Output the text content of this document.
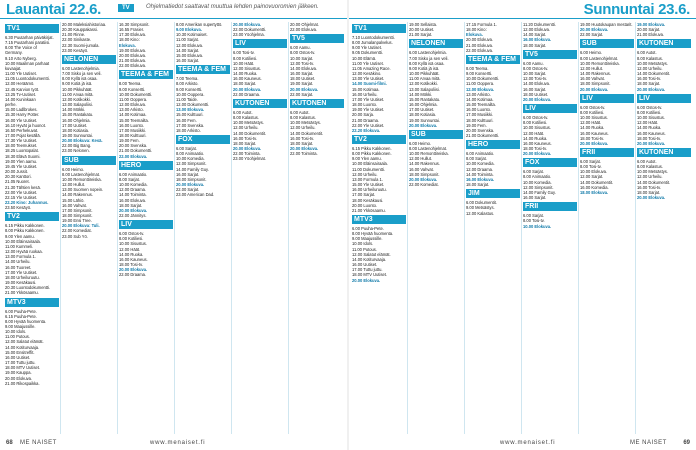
Lauantai 22.6.	TV	Ohjelmatiedot saattavat muuttua lehden painovuoromien jälkeen.	Sunnuntai 23.6.
TV1
6.30 Puutarhan päiväkirjat.
7.15 Puutarhani paratiisi.
8.00 The Voice of
Germany.
9.10 Arto Nyberg.
10.00 Maailman parhaat
kuvaajat.
11.00 Yle Uutiset.
11.05 Luontodokumentti.
12.00 Heräämö.
12.45 Karvion työt.
13.25 Tv-Uutiset.
14.00 Kuninkaan
perhe.
15.00 Ladlbrokes.
15.30 Harry Potter.
16.00 Yle Uutiset.
16.10 Hyvät ja huonot.
16.50 Perhekuvat.
17.00 Pojat kesällä.
17.30 Yle Uutiset.
18.00 Teemukset.
18.25 Luontopalat.
18.30 Elävä Suomi.
19.00 Ylen aamu.
19.45 Yle Uutiset.
20.00 Jussit.
20.30 Kanttori.
21.05 Nuoret.
21.30 Tähtien kesä.
22.00 Yle Uutiset.
22.15 Yle Uutiset.
22.20 Kino: Juhannus.
23.50 Kesäyö.
TV2
6.15 Pikku Kakkonen.
8.00 Pikku Kakkonen.
9.00 Ylen aamu.
10.00 Eläinsairaala.
11.00 Kummeli.
12.00 Hyvää ruokaa.
13.00 Formula 1.
14.00 Urheilu.
16.00 Tuoreet.
17.00 Yle Uutiset.
18.00 Urheiluruutu.
19.00 Kesäkausi.
20.30 Luontodokumentti.
21.00 Ykkösaamu.
MTV3
6.00 Puuha-Pete.
6.15 Puuha-Pete.
8.00 Hyvää huomenta.
9.00 Maajussille.
10.00 Idols.
11.00 Putous.
12.00 Salatut elämät.
14.00 Kotiturvaaja.
15.00 Ensitreffit.
16.00 Uutiset.
17.00 Tuttu juttu.
18.00 MTV Uutiset.
19.00 Kauppa.
20.00 Elokuva.
21.00 Rikospaikka.
20.00 Maleksiahistoriaa.
20.30 Kauppakassi.
21.00 Rinne.
22.00 Sinikaste.
22.30 Suomi-jumala.
23.00 Kesäyö.
NELONEN
6.00 Lastenohjelmia.
7.00 Sisko ja sen veli.
8.00 Kyllä isä osaa.
9.00 Kotiä jä isä.
10.00 Pikkuhäät.
11.00 Arvaa mitä.
12.00 Kotikokki.
13.00 Salapoliisi.
14.00 Mökki.
15.00 Rantakatu.
16.00 Ohjelmia.
17.00 Uutiset.
18.00 Kotiasia.
19.00 Sunnuntai.
20.00 Elokuva: Kesä.
22.00 Big Bang.
23.00 Nelonen.
SUB
6.00 Heimo.
8.00 Lastenohjelmat.
10.00 Remonttireiska.
12.00 Hullut.
13.00 Suomen nopein.
14.00 Rakennus.
15.00 Lähiö.
16.00 Vahvat.
17.00 Simpsonit.
18.00 Simpsonit.
19.00 Ensi Tree.
20.00 Elokuva: Tuli.
22.00 Komediat.
23.00 Sub Yö.
16.30 Simpsonit.
16.55 Frasier.
17.30 Elokuva.
18.00 Kino:
Elokuva.
19.00 Elokuva.
20.00 Elokuva.
21.00 Elokuva.
22.00 Elokuva.
TEEMA & FEM
8.00 Teema.
9.00 Konsertti.
10.00 Dokumentti.
11.00 Ooppera.
12.00 Elokuva.
13.00 Arkisto.
14.00 Kotimaa.
15.00 Teemailta.
16.00 Luonto.
17.00 Musiikki.
18.00 Kulttuuri.
19.00 Fem.
20.00 Svenska.
21.00 Dokumentti.
22.00 Elokuva.
HERO
6.00 Animaatio.
8.00 Sarjat.
10.00 Komedia.
12.00 Draama.
14.00 Toiminta.
16.00 Elokuva.
18.00 Sarjat.
20.00 Elokuva.
22.00 Jännitys.
LIV
6.00 Ostos-tv.
8.00 Kotiliesi.
10.00 Sisustus.
12.00 Häät.
14.00 Ruoka.
16.00 Kauneus.
18.00 Tosi-tv.
20.00 Elokuva.
22.00 Draama.
8.00 Amerikan supertyttö.
9.00 Elokuva.
10.30 Kotimaiset.
11.00 Sarjat.
12.00 Elokuva.
14.00 Sarjat.
15.00 Elokuva.
16.00 Sarjat.
TEEMA & FEM
7.00 Teema.
8.00 Arkisto.
9.00 Konsertti.
10.00 Ooppera.
11.00 Taide.
12.00 Dokumentti.
13.00 Elokuva.
15.00 Kulttuuri.
16.00 Fem.
17.00 Svenska.
18.00 Arkisto.
FOX
6.00 Sarjat.
8.00 Animaatio.
10.00 Komedia.
12.00 Simpsonit.
14.00 Family Guy.
16.00 Sarjat.
18.00 Simpsonit.
20.00 Elokuva.
22.00 Sarjat.
23.00 American Dad.
20.00 Elokuva.
22.00 Dokumentti.
23.00 Yöohjelma.
LIV
6.00 Tosi-tv.
8.00 Kotiliesi.
10.00 Häät.
12.00 Sisustus.
14.00 Ruoka.
16.00 Kauneus.
18.00 Sarjat.
20.00 Elokuva.
22.00 Draama.
KUTONEN
6.00 Autot.
8.00 Kalastus.
10.00 Metsästys.
12.00 Urheilu.
14.00 Dokumentit.
16.00 Tosi-tv.
18.00 Sarjat.
20.00 Elokuva.
22.00 Toiminta.
23.00 Yöohjelmat.
20.00 Ohjelmat.
22.00 Elokuva.
TV5
6.00 Aamu.
8.00 Ostos-tv.
10.00 Sarjat.
12.00 Tosi-tv.
14.00 Elokuva.
16.00 Sarjat.
18.00 Uutiset.
19.00 Sarjat.
20.00 Elokuva.
22.00 Sarjat.
KUTONEN
6.00 Autot.
8.00 Kalastus.
10.00 Metsästys.
12.00 Urheilu.
14.00 Dokumentit.
16.00 Tosi-tv.
18.00 Sarjat.
20.00 Elokuva.
22.00 Toiminta.
TV1
7.10 Luontodokumentti.
8.00 Jumalanpalvelus.
9.00 Yle Uutiset.
9.05 Dokumentti.
10.00 Elämä.
11.00 Yle Uutiset.
11.05 Amazing Race.
12.00 Kesäkino.
13.00 Yle Uutiset.
14.00 Suomi-filmi.
15.00 Kotimaa.
16.00 Urheilu.
17.00 Yle Uutiset.
18.00 Luonto.
19.00 Yle Uutiset.
20.00 Sarja.
21.00 Draama.
22.00 Yle Uutiset.
22.20 Elokuva.
TV2
6.15 Pikku Kakkonen.
8.00 Pikku Kakkonen.
9.00 Ylen aamu.
10.00 Eläinsairaala.
11.00 Dokumentti.
12.00 Urheilu.
13.00 Formula 1.
15.00 Yle Uutiset.
16.00 Urheiluruutu.
17.00 Sarjat.
18.00 Kesäkausi.
20.00 Luonto.
21.00 Ykkösaamu.
MTV3
6.00 Puuha-Pete.
8.00 Hyvää huomenta.
9.00 Maajussille.
10.00 Idols.
11.00 Putous.
12.00 Salatut elämät.
14.00 Kotiturvaaja.
16.00 Uutiset.
17.00 Tuttu juttu.
18.00 MTV Uutiset.
20.00 Elokuva.
19.00 Sellaista.
20.00 Uutiset.
21.00 Sarjat.
NELONEN
6.00 Lastenohjelmia.
7.00 Sisko ja sen veli.
8.00 Kyllä isä osaa.
9.00 Kotiä jä isä.
10.00 Pikkuhäät.
11.00 Arvaa mitä.
12.00 Kotikokki.
13.00 Salapoliisi.
14.00 Mökki.
15.00 Rantakatu.
16.00 Ohjelmia.
17.00 Uutiset.
18.00 Kotiasia.
19.00 Sunnuntai.
20.00 Elokuva.
SUB
6.00 Heimo.
8.00 Lastenohjelmat.
10.00 Remonttireiska.
12.00 Hullut.
14.00 Rakennus.
16.00 Vahvat.
18.00 Simpsonit.
20.00 Elokuva.
22.00 Komediat.
17.15 Formula 1.
18.00 Kino:
Elokuva.
20.00 Elokuva.
21.00 Elokuva.
22.00 Elokuva.
TEEMA & FEM
8.00 Teema.
9.00 Konsertti.
10.00 Dokumentti.
11.00 Ooppera.
12.00 Elokuva.
13.00 Arkisto.
14.00 Kotimaa.
15.00 Teemailta.
16.00 Luonto.
17.00 Musiikki.
18.00 Kulttuuri.
19.00 Fem.
20.00 Svenska.
21.00 Dokumentti.
HERO
6.00 Animaatio.
8.00 Sarjat.
10.00 Komedia.
12.00 Draama.
14.00 Toiminta.
16.00 Elokuva.
18.00 Sarjat.
JIM
6.00 Dokumentit.
9.00 Metsästys.
12.00 Kalastus.
11.20 Dokumentti.
12.00 Elokuva.
14.00 Sarjat.
16.00 Elokuva.
18.00 Sarjat.
TV5
6.00 Aamu.
8.00 Ostos-tv.
10.00 Sarjat.
12.00 Tosi-tv.
14.00 Elokuva.
16.00 Sarjat.
18.00 Uutiset.
20.00 Elokuva.
LIV
6.00 Ostos-tv.
8.00 Kotiliesi.
10.00 Sisustus.
12.00 Häät.
14.00 Ruoka.
16.00 Kauneus.
18.00 Tosi-tv.
20.00 Elokuva.
FOX
6.00 Sarjat.
8.00 Animaatio.
10.00 Komedia.
12.00 Simpsonit.
14.00 Family Guy.
16.00 Sarjat.
FRII
6.00 Sarjat.
8.00 Tosi-tv.
10.00 Elokuva.
19.00 Huutokaupan mestarit.
20.00 Elokuva.
22.00 Sarjat.
SUB
6.00 Heimo.
8.00 Lastenohjelmat.
10.00 Remonttireiska.
12.00 Hullut.
14.00 Rakennus.
16.00 Vahvat.
18.00 Simpsonit.
20.00 Elokuva.
LIV
6.00 Ostos-tv.
8.00 Kotiliesi.
10.00 Sisustus.
12.00 Häät.
14.00 Ruoka.
16.00 Kauneus.
18.00 Tosi-tv.
20.00 Elokuva.
FRII
6.00 Sarjat.
8.00 Tosi-tv.
10.00 Elokuva.
12.00 Sarjat.
14.00 Dokumentit.
16.00 Komedia.
18.00 Elokuva.
19.00 Elokuva.
20.00 Sarjat.
21.00 Elokuva.
KUTONEN
6.00 Autot.
8.00 Kalastus.
10.00 Metsästys.
12.00 Urheilu.
14.00 Dokumentit.
16.00 Tosi-tv.
18.00 Sarjat.
20.00 Elokuva.
LIV
6.00 Ostos-tv.
8.00 Kotiliesi.
10.00 Sisustus.
12.00 Häät.
14.00 Ruoka.
16.00 Kauneus.
18.00 Tosi-tv.
20.00 Elokuva.
KUTONEN
6.00 Autot.
8.00 Kalastus.
10.00 Metsästys.
12.00 Urheilu.
14.00 Dokumentit.
16.00 Tosi-tv.
18.00 Sarjat.
20.00 Elokuva.
68 ME NAISET	www.menaiset.fi	www.menaiset.fi	ME NAISET	69
